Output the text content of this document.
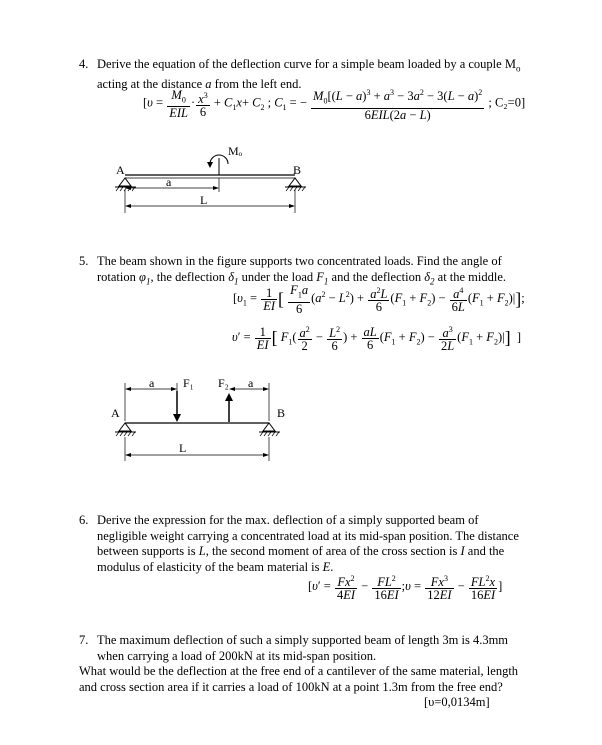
4. Derive the equation of the deflection curve for a simple beam loaded by a couple $M_o$
acting at the distance a from the left end.
[$\upsilon = \frac{M_0}{\text{EIL}} \cdot \frac{x^3}{6} + C_1x+ C_2$ ; $C_1$ = − $\frac{M_0[(L - a)^3 + a^3 - 3a^2 - 3(L - a)^2}{\text{6EIL(2a − L)}}$ ; C₂=0]
Mₒ
A	B
a
L
5. The beam shown in the figure supports two concentrated loads. Find the angle of
rotation $\varphi_1$, the deflection $\delta_1$ under the load $F_1$ and the deflection $\delta_2$ at the middle.
[$\upsilon_1 = \frac{1}{EI}$ [ $\frac{F_1a}{6} (a^2 - L^2) + \frac{a^2L}{6} (F_1 + F_2) - \frac{a^4}{6L} (F_1 + F_2)|$];
$\upsilon' = \frac{1}{EI}$ [ $F_1( \frac{a^2}{2} - \frac{L^2}{6}$ ) + $\frac{aL}{6} (F_1 + F_2) - \frac{a^3}{2L} (F_1 + F_2)|$]  ]
a F₁ F₂ a
A	B
L
6. Derive the expression for the max. deflection of a simply supported beam of
negligible weight carrying a concentrated load at its mid-span position. The distance
between supports is L, the second moment of area of the cross section is I and the
modulus of elasticity of the beam material is E.
[$\upsilon' = \frac{Fx^2}{4EI} - \frac{FL^2}{16EI}$ ;υ = $\frac{Fx^3}{12EI} - \frac{FL^2x}{16EI}$ ]
7. The maximum deflection of such a simply supported beam of length 3m is 4.3mm
when carrying a load of 200kN at its mid-span position.
What would be the deflection at the free end of a cantilever of the same material, length
and cross section area if it carries a load of 100kN at a point 1.3m from the free end?
[υ=0,0134m]
